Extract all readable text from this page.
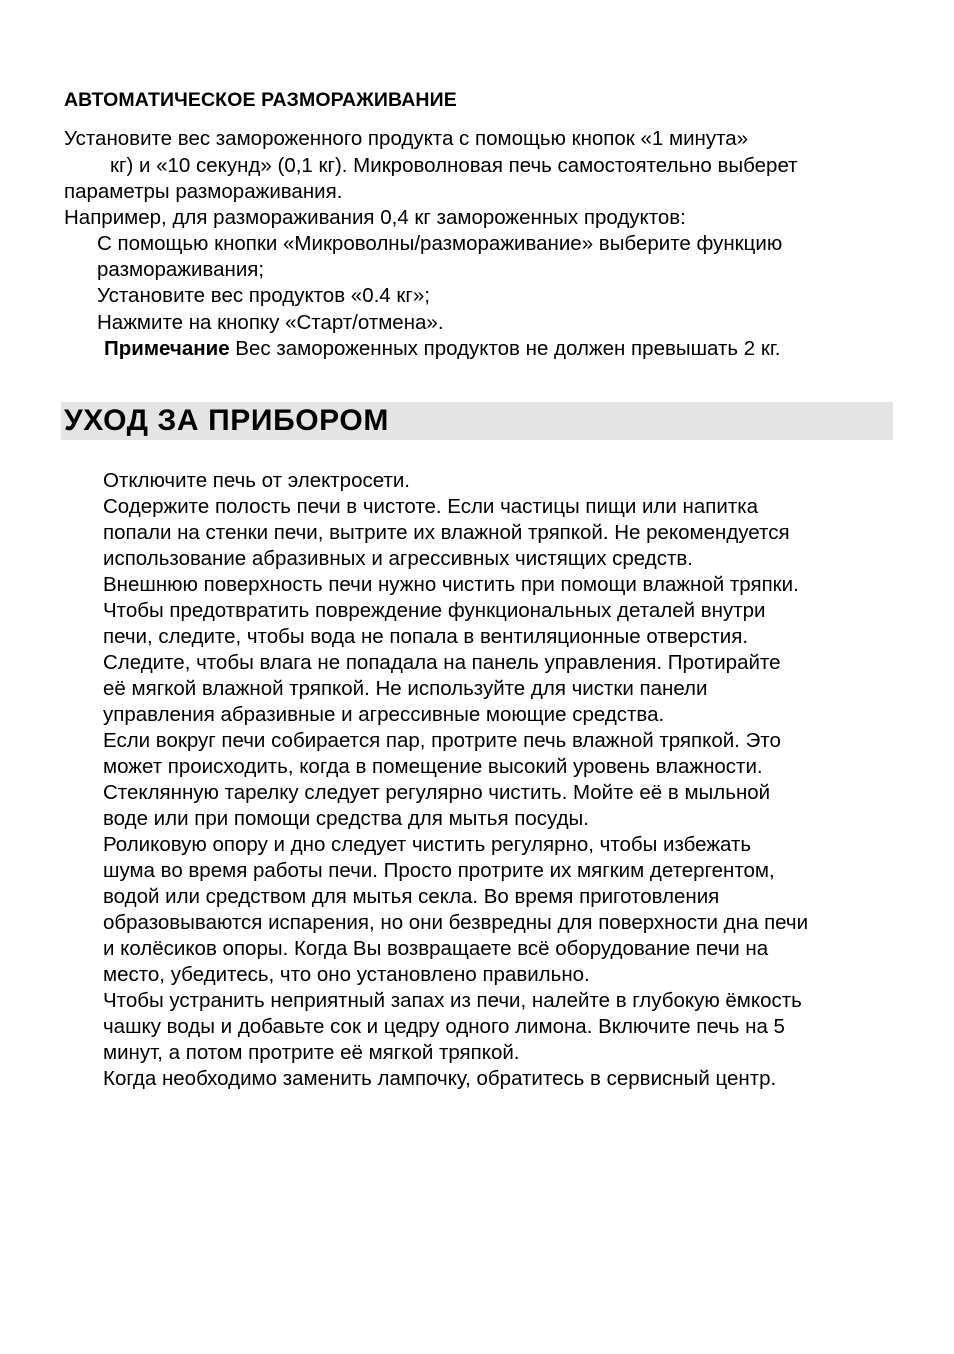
АВТОМАТИЧЕСКОЕ РАЗМОРАЖИВАНИЕ
Установите вес замороженного продукта с помощью кнопок «1 минута»
кг) и «10 секунд» (0,1 кг). Микроволновая печь самостоятельно выберет
параметры размораживания.
Например, для размораживания 0,4 кг замороженных продуктов:
С помощью кнопки «Микроволны/размораживание» выберите функцию
размораживания;
Установите вес продуктов «0.4 кг»;
Нажмите на кнопку «Старт/отмена».
Примечание Вес замороженных продуктов не должен превышать 2 кг.
УХОД ЗА ПРИБОРОМ
Отключите печь от электросети.
Содержите полость печи в чистоте. Если частицы пищи или напитка
попали на стенки печи, вытрите их влажной тряпкой. Не рекомендуется
использование абразивных и агрессивных чистящих средств.
Внешнюю поверхность печи нужно чистить при помощи влажной тряпки.
Чтобы предотвратить повреждение функциональных деталей внутри
печи, следите, чтобы вода не попала в вентиляционные отверстия.
Следите, чтобы влага не попадала на панель управления. Протирайте
её мягкой влажной тряпкой. Не используйте для чистки панели
управления абразивные и агрессивные моющие средства.
Если вокруг печи собирается пар, протрите печь влажной тряпкой. Это
может происходить, когда в помещение высокий уровень влажности.
Стеклянную тарелку следует регулярно чистить. Мойте её в мыльной
воде или при помощи средства для мытья посуды.
Роликовую опору и дно следует чистить регулярно, чтобы избежать
шума во время работы печи. Просто протрите их мягким детергентом,
водой или средством для мытья секла. Во время приготовления
образовываются испарения, но они безвредны для поверхности дна печи
и колёсиков опоры. Когда Вы возвращаете всё оборудование печи на
место, убедитесь, что оно установлено правильно.
Чтобы устранить неприятный запах из печи, налейте в глубокую ёмкость
чашку воды и добавьте сок и цедру одного лимона. Включите печь на 5
минут, а потом протрите её мягкой тряпкой.
Когда необходимо заменить лампочку, обратитесь в сервисный центр.
